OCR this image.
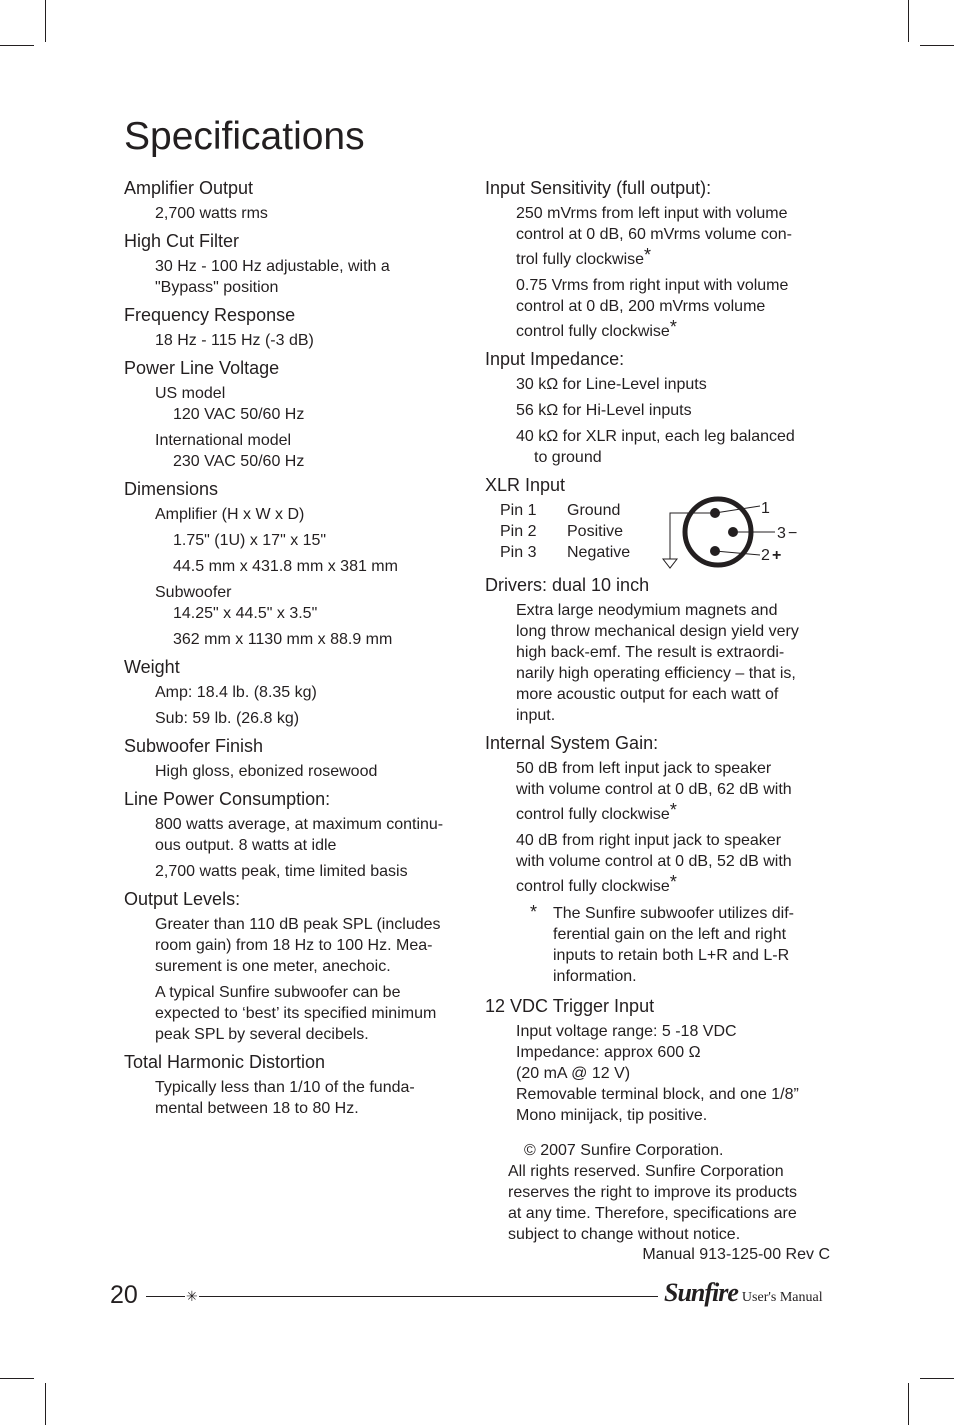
Specifications

Amplifier Output

2,700 watts rms

High Cut Filter

30 Hz - 100 Hz adjustable, with a
"Bypass" position

Frequency Response

18 Hz - 115 Hz (-3 dB)

Power Line Voltage

US model
120 VAC 50/60 Hz

International model
230 VAC 50/60 Hz

Dimensions

Amplifier (H x W x D)

1.75" (1U) x 17" x 15"

44.5 mm x 431.8 mm x 381 mm

Subwoofer
14.25" x 44.5" x 3.5"

362 mm x 1130 mm x 88.9 mm

Weight

Amp: 18.4 lb. (8.35 kg)

Sub: 59 lb. (26.8 kg)

Subwoofer Finish

High gloss, ebonized rosewood

Line Power Consumption:

800 watts average, at maximum continu-
ous output. 8 watts at idle

2,700 watts peak, time limited basis

Output Levels:

Greater than 110 dB peak SPL (includes
room gain) from 18 Hz to 100 Hz. Mea-
surement is one meter, anechoic.

A typical Sunfire subwoofer can be
expected to ‘best’ its specified minimum
peak SPL by several decibels.

Total Harmonic Distortion

Typically less than 1/10 of the funda-
mental between 18 to 80 Hz.

Input Sensitivity (full output):

250 mVrms from left input with volume
control at 0 dB, 60 mVrms volume con-
trol fully clockwise*

0.75 Vrms from right input with volume
control at 0 dB, 200 mVrms volume
control fully clockwise*

Input Impedance:

30 kΩ for Line-Level inputs

56 kΩ for Hi-Level inputs

40 kΩ for XLR input, each leg balanced
to ground

XLR Input

Pin 1 Ground
Pin 2 Positive
Pin 3 Negative
1
3 −
2 +

Drivers: dual 10 inch

Extra large neodymium magnets and
long throw mechanical design yield very
high back-emf. The result is extraordi-
narily high operating efficiency – that is,
more acoustic output for each watt of
input.

Internal System Gain:

50 dB from left input jack to speaker
with volume control at 0 dB, 62 dB with
control fully clockwise*

40 dB from right input jack to speaker
with volume control at 0 dB, 52 dB with
control fully clockwise*

* The Sunfire subwoofer utilizes dif-
ferential gain on the left and right
inputs to retain both L+R and L-R
information.

12 VDC Trigger Input

Input voltage range: 5 -18 VDC
Impedance: approx 600 Ω
(20 mA @ 12 V)
Removable terminal block, and one 1/8”
Mono minijack, tip positive.

© 2007 Sunfire Corporation.
All rights reserved. Sunfire Corporation
reserves the right to improve its products
at any time. Therefore, specifications are
subject to change without notice.
Manual 913-125-00 Rev C
20	✳	Sunfire User's Manual
